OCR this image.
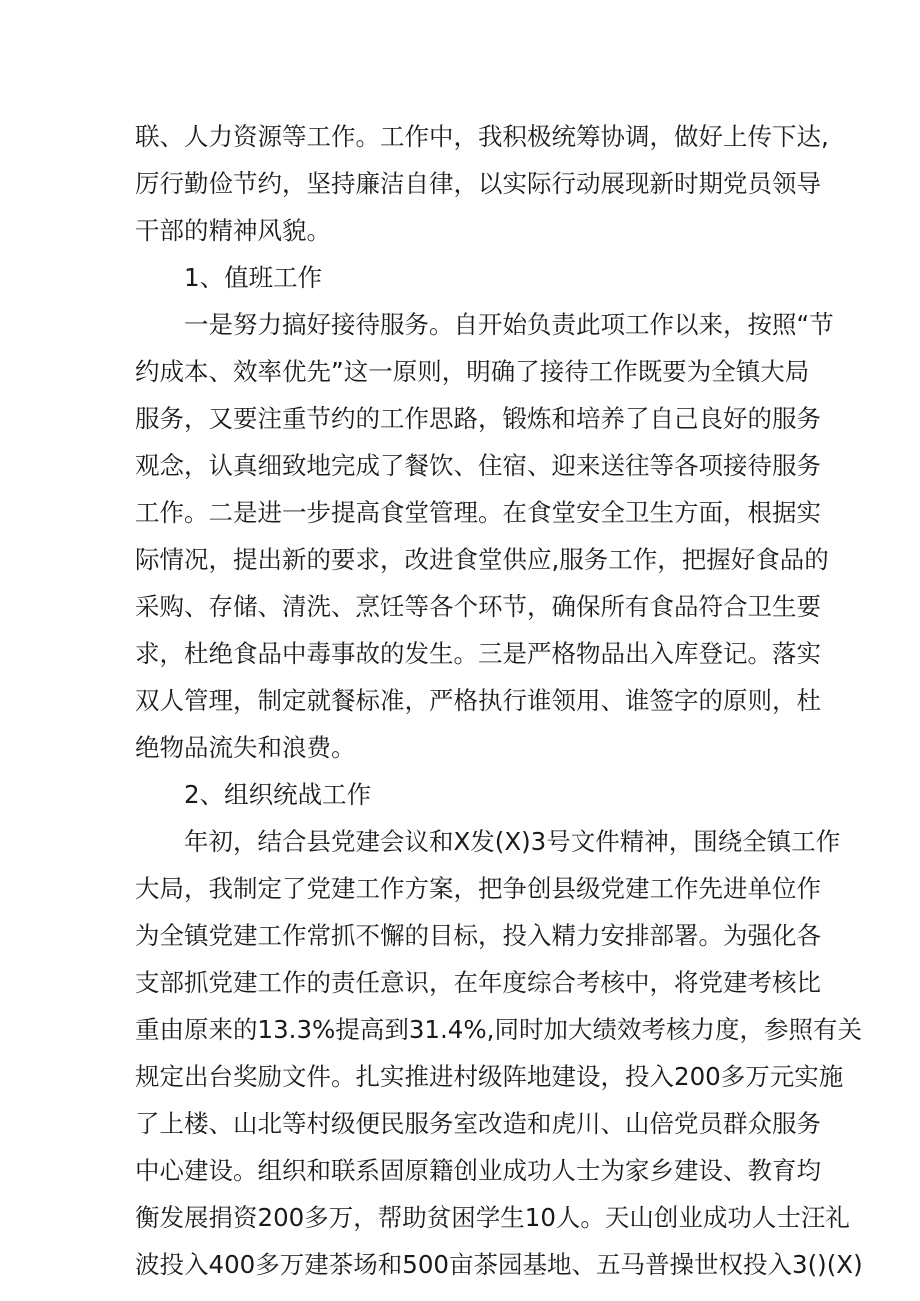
联、人力资源等工作。工作中，我积极统筹协调，做好上传下达,
厉行勤俭节约，坚持廉洁自律，以实际行动展现新时期党员领导
干部的精神风貌。
1、值班工作
一是努力搞好接待服务。自开始负责此项工作以来，按照“节
约成本、效率优先”这一原则，明确了接待工作既要为全镇大局
服务，又要注重节约的工作思路，锻炼和培养了自己良好的服务
观念，认真细致地完成了餐饮、住宿、迎来送往等各项接待服务
工作。二是进一步提高食堂管理。在食堂安全卫生方面，根据实
际情况，提出新的要求，改进食堂供应,服务工作，把握好食品的
采购、存储、清洗、烹饪等各个环节，确保所有食品符合卫生要
求，杜绝食品中毒事故的发生。三是严格物品出入库登记。落实
双人管理，制定就餐标准，严格执行谁领用、谁签字的原则，杜
绝物品流失和浪费。
2、组织统战工作
年初，结合县党建会议和X发(X)3号文件精神，围绕全镇工作
大局，我制定了党建工作方案，把争创县级党建工作先进单位作
为全镇党建工作常抓不懈的目标，投入精力安排部署。为强化各
支部抓党建工作的责任意识，在年度综合考核中，将党建考核比
重由原来的13.3%提高到31.4%,同时加大绩效考核力度，参照有关
规定出台奖励文件。扎实推进村级阵地建设，投入200多万元实施
了上楼、山北等村级便民服务室改造和虎川、山倍党员群众服务
中心建设。组织和联系固原籍创业成功人士为家乡建设、教育均
衡发展捐资200多万，帮助贫困学生10人。天山创业成功人士汪礼
波投入400多万建茶场和500亩茶园基地、五马普操世权投入3()(X)
